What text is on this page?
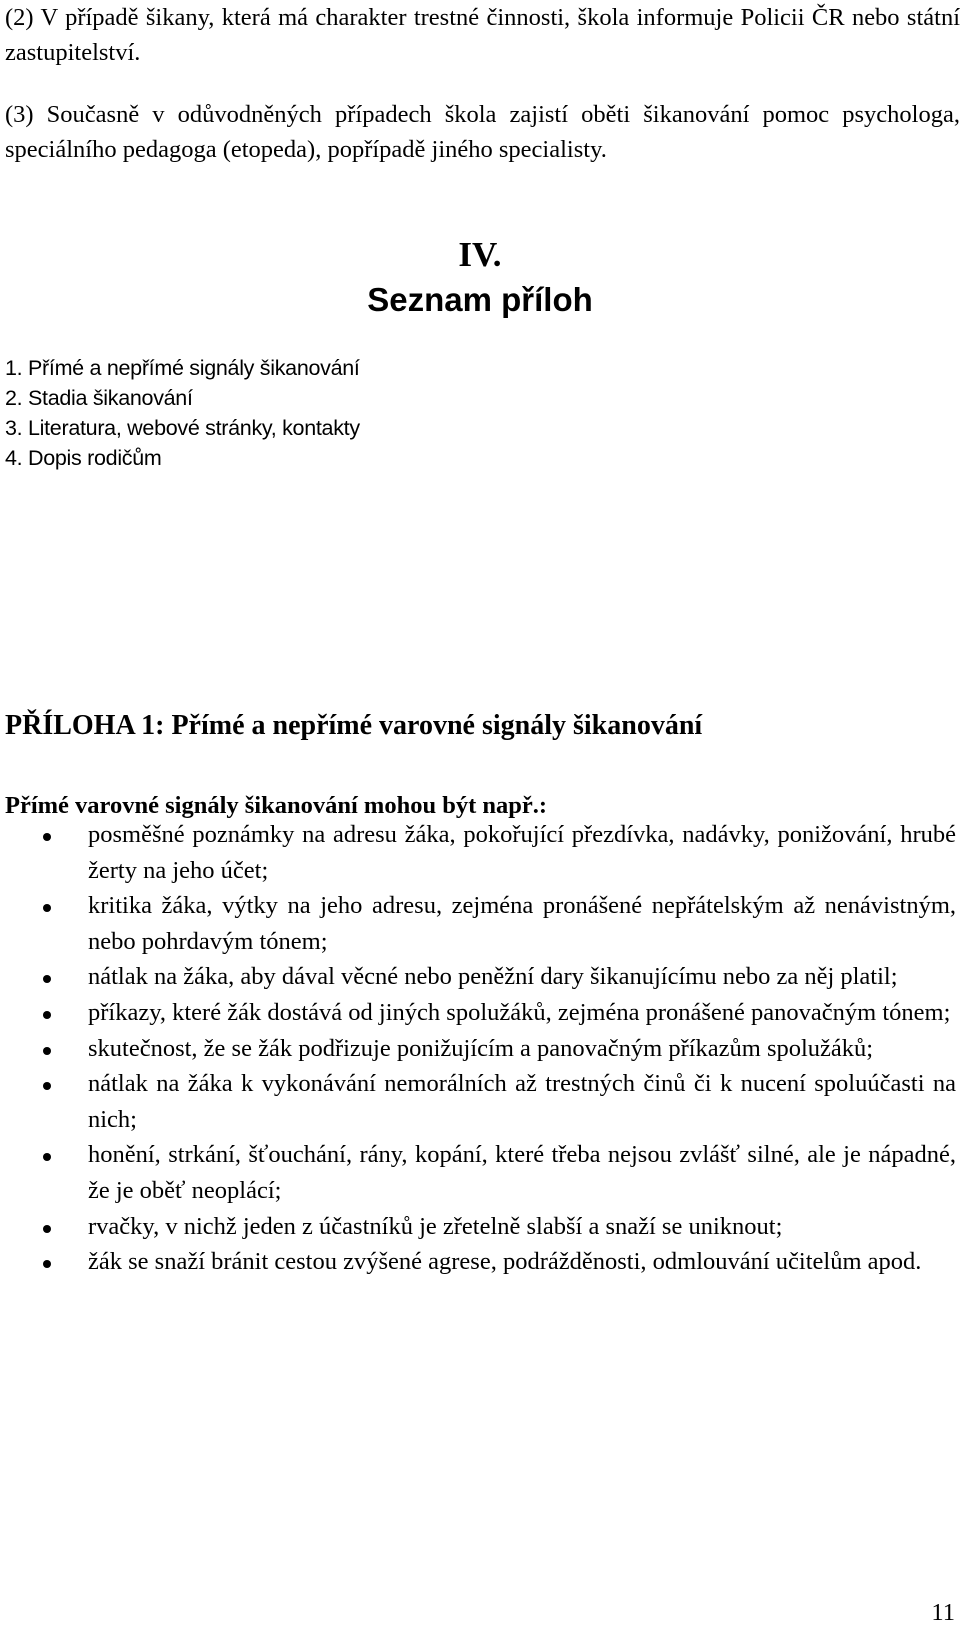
(2) V případě šikany, která má charakter trestné činnosti, škola informuje Policii ČR nebo státní zastupitelství.

(3) Současně v odůvodněných případech škola zajistí oběti šikanování pomoc psychologa, speciálního pedagoga (etopeda), popřípadě jiného specialisty.

IV.
Seznam příloh
1. Přímé a nepřímé signály šikanování
2. Stadia šikanování
3. Literatura, webové stránky, kontakty
4. Dopis rodičům
PŘÍLOHA 1: Přímé a nepřímé varovné signály šikanování

Přímé varovné signály šikanování mohou být např.:

posměšné poznámky na adresu žáka, pokořující přezdívka, nadávky, ponižování, hrubé žerty na jeho účet;
kritika žáka, výtky na jeho adresu, zejména pronášené nepřátelským až nenávistným, nebo pohrdavým tónem;
nátlak na žáka, aby dával věcné nebo peněžní dary šikanujícímu nebo za něj platil;
příkazy, které žák dostává od jiných spolužáků, zejména pronášené panovačným tónem;
skutečnost, že se žák podřizuje ponižujícím a panovačným příkazům spolužáků;
nátlak na žáka k vykonávání nemorálních až trestných činů či k nucení spoluúčasti na nich;
honění, strkání, šťouchání, rány, kopání, které třeba nejsou zvlášť silné, ale je nápadné, že je oběť neoplácí;
rvačky, v nichž jeden z účastníků je zřetelně slabší a snaží se uniknout;
žák se snaží bránit cestou zvýšené agrese, podrážděnosti, odmlouvání učitelům apod.

11
